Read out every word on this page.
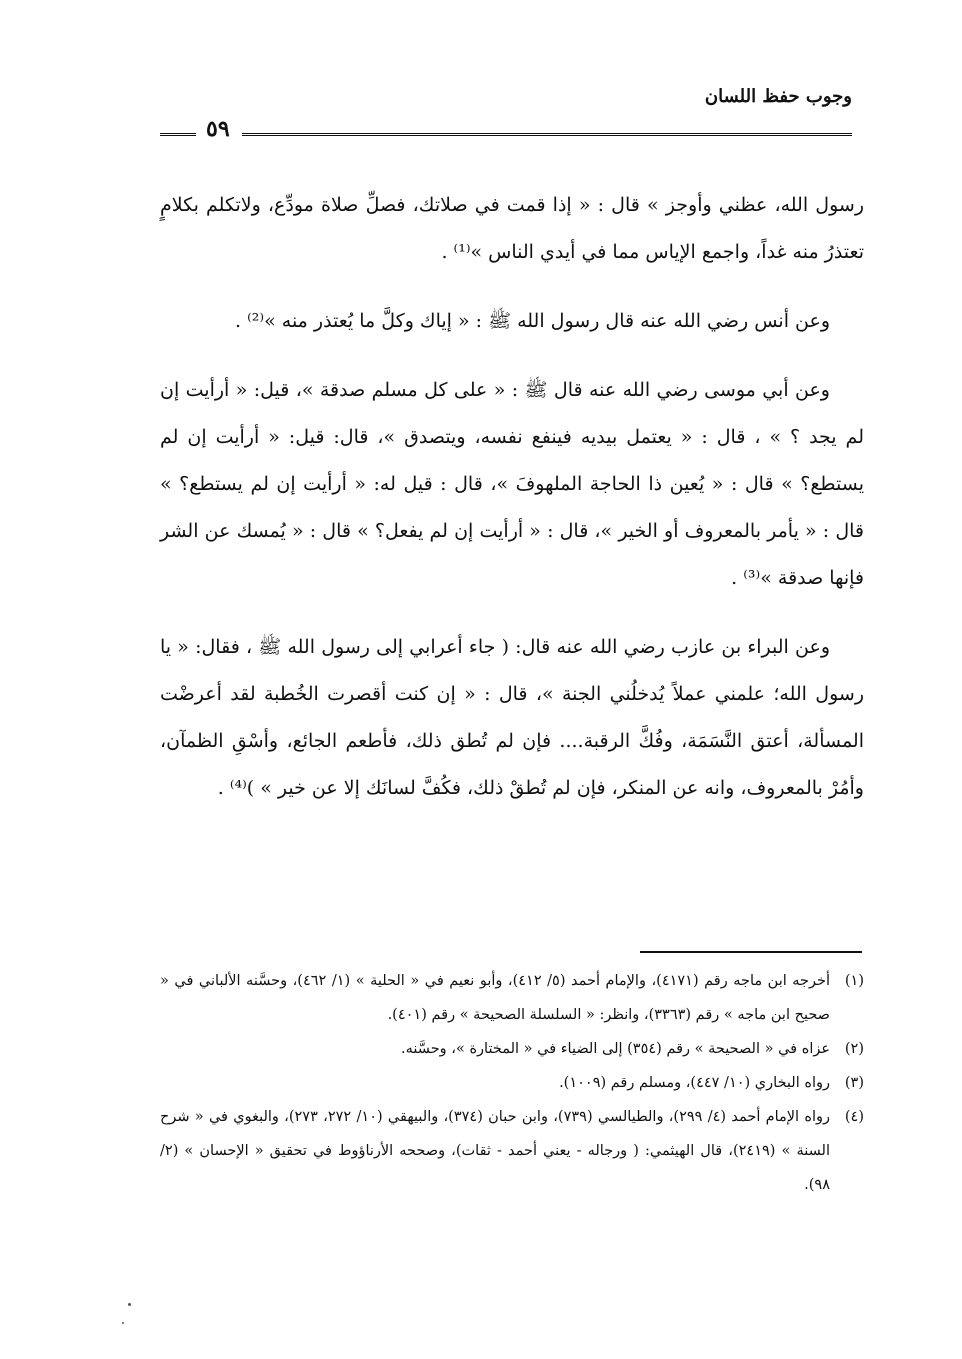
وجوب حفظ اللسان
٥٩

رسول الله، عظني وأوجز » قال : « إذا قمت في صلاتك، فصلِّ صلاة مودِّع، ولاتكلم بكلامٍ تعتذرُ منه غداً، واجمع الإياس مما في أيدي الناس »⁽¹⁾ .

وعن أنس رضي الله عنه قال رسول الله ﷺ : « إياك وكلَّ ما يُعتذر منه »⁽²⁾ .

وعن أبي موسى رضي الله عنه قال ﷺ : « على كل مسلم صدقة »، قيل: « أرأيت إن لم يجد ؟ » ، قال : « يعتمل بيديه فينفع نفسه، ويتصدق »، قال: قيل: « أرأيت إن لم يستطع؟ » قال : « يُعين ذا الحاجة الملهوفَ »، قال : قيل له: « أرأيت إن لم يستطع؟ » قال : « يأمر بالمعروف أو الخير »، قال : « أرأيت إن لم يفعل؟ » قال : « يُمسك عن الشر فإنها صدقة »⁽³⁾ .

وعن البراء بن عازب رضي الله عنه قال: ( جاء أعرابي إلى رسول الله ﷺ ، فقال: « يا رسول الله؛ علمني عملاً يُدخلُني الجنة »، قال : « إن كنت أقصرت الخُطبة لقد أعرضْت المسألة، أعتق النَّسَمَة، وفُكَّ الرقبة.... فإن لم تُطق ذلك، فأطعم الجائع، وأسْقِ الظمآن، وأمُرْ بالمعروف، وانه عن المنكر، فإن لم تُطقْ ذلك، فكُفَّ لسانَك إلا عن خير » )⁽⁴⁾ .

(١)
أخرجه ابن ماجه رقم (٤١٧١)، والإمام أحمد (٥/ ٤١٢)، وأبو نعيم في « الحلية » (١/ ٤٦٢)، وحسَّنه الألباني في « صحيح ابن ماجه » رقم (٣٣٦٣)، وانظر: « السلسلة الصحيحة » رقم (٤٠١).
(٢)
عزاه في « الصحيحة » رقم (٣٥٤) إلى الضياء في « المختارة »، وحسَّنه.
(٣)
رواه البخاري (١٠/ ٤٤٧)، ومسلم رقم (١٠٠٩).
(٤)
رواه الإمام أحمد (٤/ ٢٩٩)، والطيالسي (٧٣٩)، وابن حبان (٣٧٤)، والبيهقي (١٠/ ٢٧٢، ٢٧٣)، والبغوي في « شرح السنة » (٢٤١٩)، قال الهيثمي: ( ورجاله - يعني أحمد - ثقات)، وصححه الأرناؤوط في تحقيق « الإحسان » (٢/ ٩٨).
